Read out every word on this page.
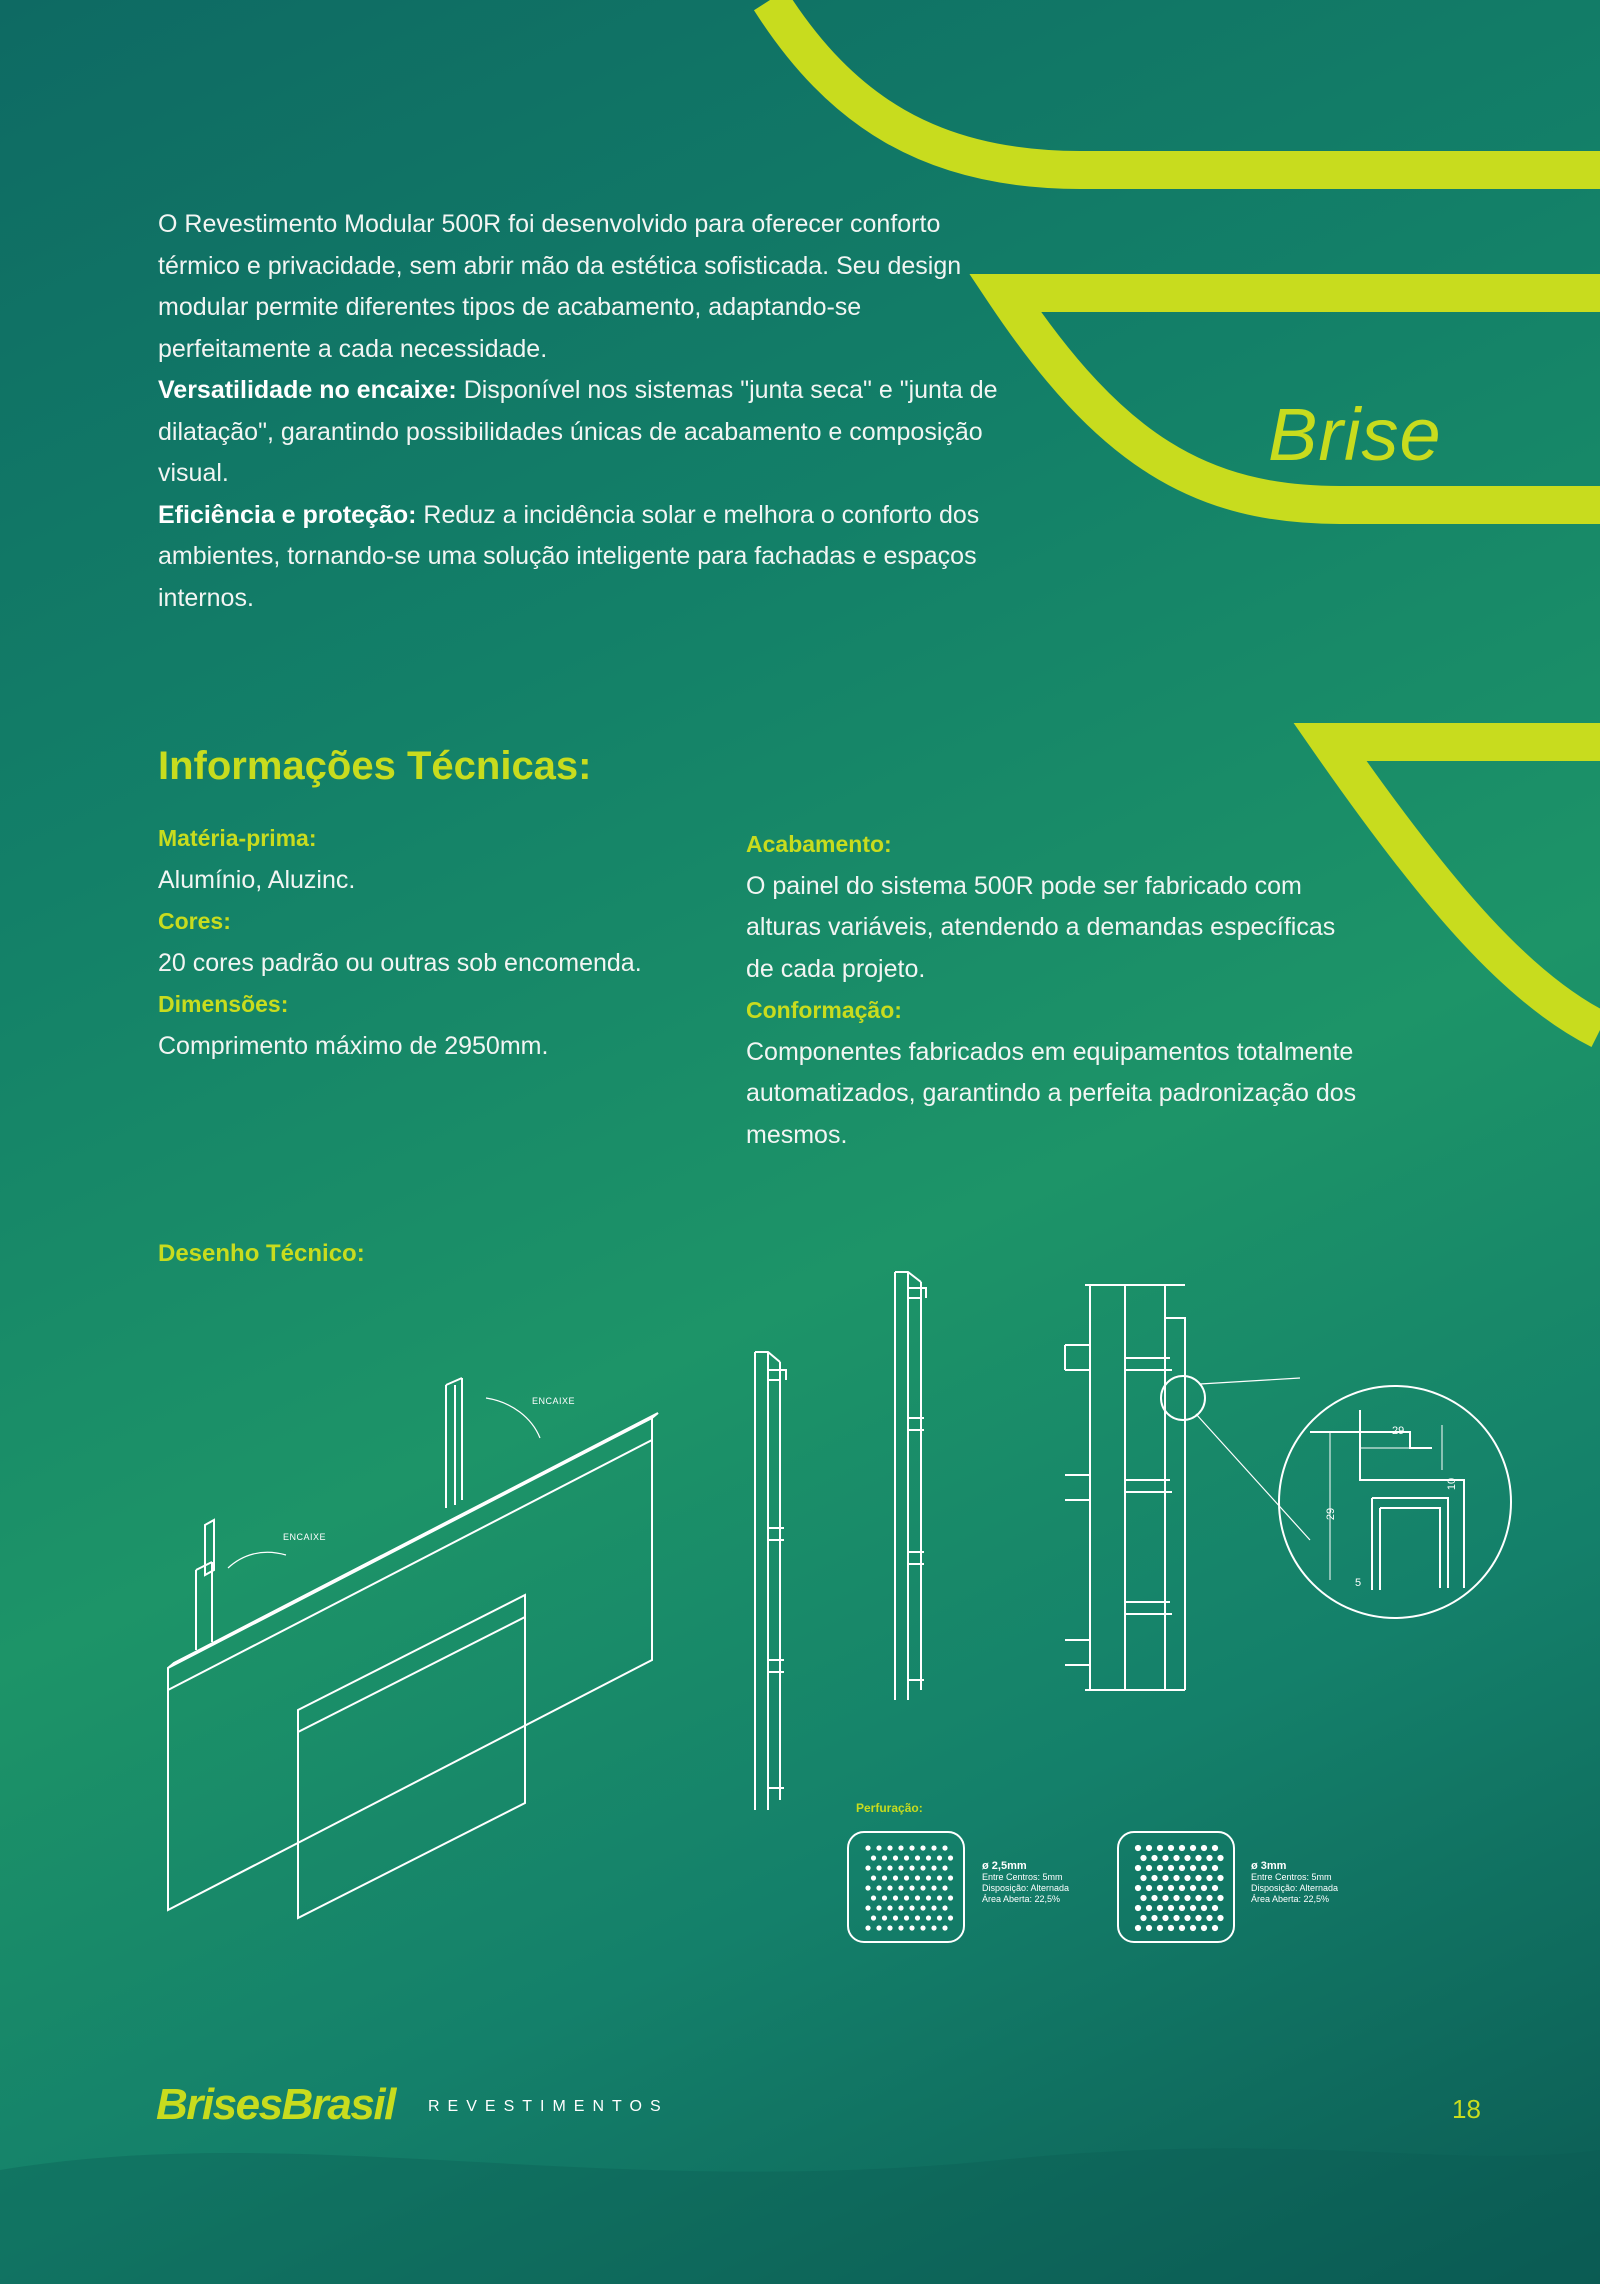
O Revestimento Modular 500R foi desenvolvido para oferecer conforto térmico e privacidade, sem abrir mão da estética sofisticada. Seu design modular permite diferentes tipos de acabamento, adaptando-se perfeitamente a cada necessidade.

Versatilidade no encaixe: Disponível nos sistemas "junta seca" e "junta de dilatação", garantindo possibilidades únicas de acabamento e composição visual.

Eficiência e proteção: Reduz a incidência solar e melhora o conforto dos ambientes, tornando-se uma solução inteligente para fachadas e espaços internos.

Brise
Informações Técnicas:

Matéria-prima:

Alumínio, Aluzinc.

Cores:

20 cores padrão ou outras sob encomenda.

Dimensões:

Comprimento máximo de 2950mm.

Acabamento:

O painel do sistema 500R pode ser fabricado com alturas variáveis, atendendo a demandas específicas de cada projeto.

Conformação:

Componentes fabricados em equipamentos totalmente automatizados, garantindo a perfeita padronização dos mesmos.

Desenho Técnico:
ENCAIXE
ENCAIXE
29
29
10
5
Perfuração:
ø 2,5mm
Entre Centros: 5mm
Disposição: Alternada
Área Aberta: 22,5%
ø 3mm
Entre Centros: 5mm
Disposição: Alternada
Área Aberta: 22,5%
BrisesBrasil REVESTIMENTOS	18
